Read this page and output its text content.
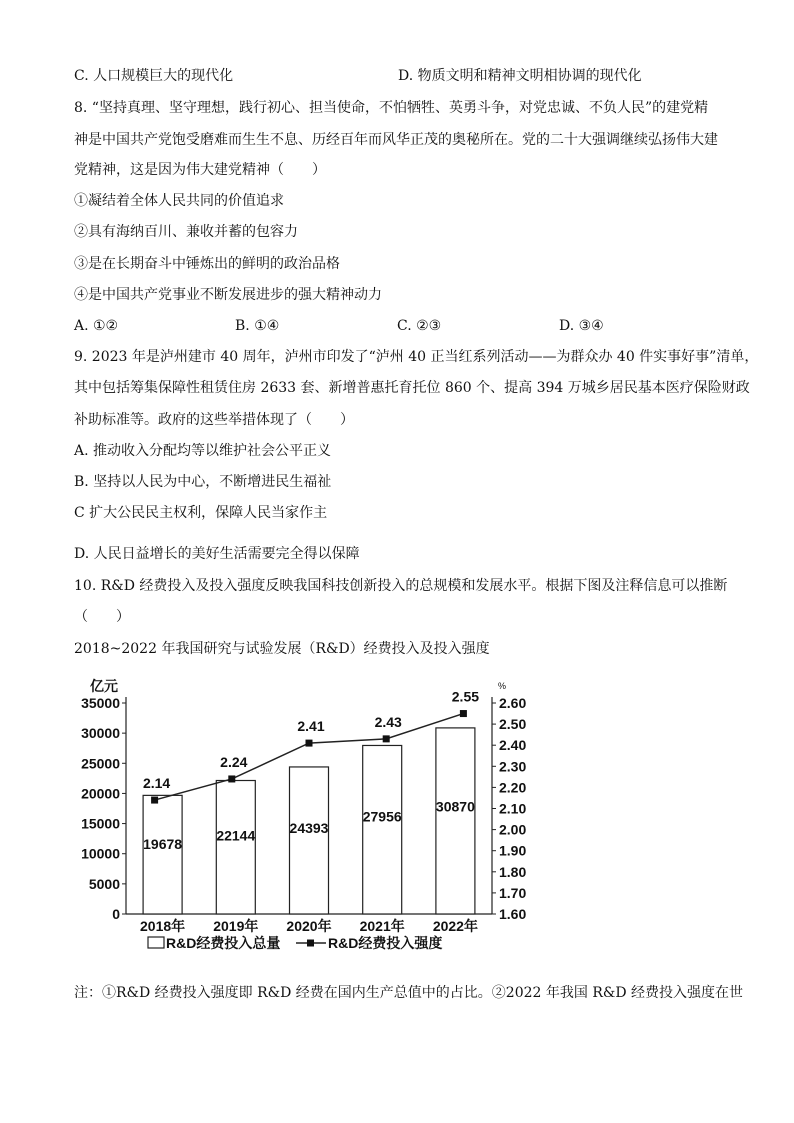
C. 人口规模巨大的现代化	D. 物质文明和精神文明相协调的现代化
8. “坚持真理、坚守理想，践行初心、担当使命，不怕牺牲、英勇斗争，对党忠诚、不负人民”的建党精
神是中国共产党饱受磨难而生生不息、历经百年而风华正茂的奥秘所在。党的二十大强调继续弘扬伟大建
党精神，这是因为伟大建党精神（　　）
①凝结着全体人民共同的价值追求
②具有海纳百川、兼收并蓄的包容力
③是在长期奋斗中锤炼出的鲜明的政治品格
④是中国共产党事业不断发展进步的强大精神动力
A. ①②	B. ①④	C. ②③	D. ③④
9. 2023 年是泸州建市 40 周年，泸州市印发了“泸州 40 正当红系列活动——为群众办 40 件实事好事”清单，
其中包括筹集保障性租赁住房 2633 套、新增普惠托育托位 860 个、提高 394 万城乡居民基本医疗保险财政
补助标准等。政府的这些举措体现了（　　）
A. 推动收入分配均等以维护社会公平正义
B. 坚持以人民为中心，不断增进民生福祉
C 扩大公民民主权利，保障人民当家作主
D. 人民日益增长的美好生活需要完全得以保障
10. R&D 经费投入及投入强度反映我国科技创新投入的总规模和发展水平。根据下图及注释信息可以推断
（　　）
2018~2022 年我国研究与试验发展（R&D）经费投入及投入强度
0
5000
10000
15000
20000
25000
30000
35000
1.60
1.70
1.80
1.90
2.00
2.10
2.20
2.30
2.40
2.50
2.60
亿元	%
19678
22144 24393
27956
30870
2.14
2.24
2.41	2.43
2.55
2018年 2019年 2020年 2021年 2022年
R&D经费投入总量	R&D经费投入强度
注：①R&D 经费投入强度即 R&D 经费在国内生产总值中的占比。②2022 年我国 R&D 经费投入强度在世
